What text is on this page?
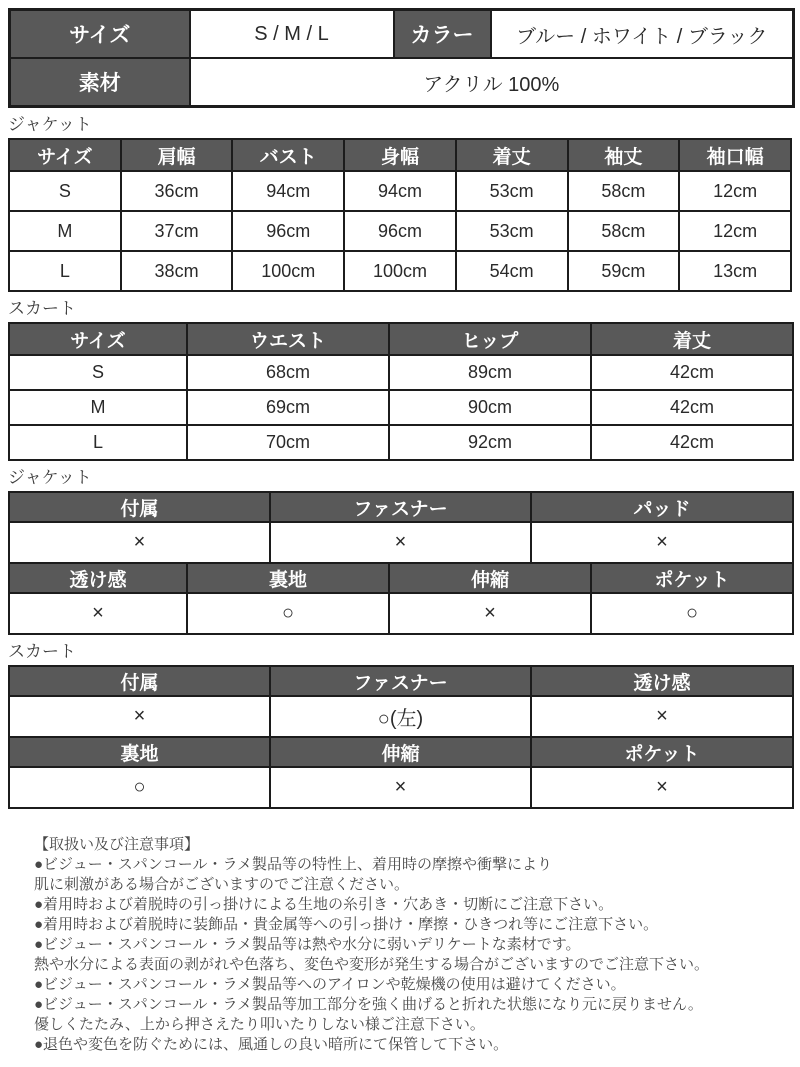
サイズ	S / M / L	カラー	ブルー / ホワイト / ブラック
素材	アクリル 100%		
ジャケット
サイズ	肩幅	バスト	身幅	着丈	袖丈	袖口幅
S	36cm	94cm	94cm	53cm	58cm	12cm
M	37cm	96cm	96cm	53cm	58cm	12cm
L	38cm	100cm	100cm	54cm	59cm	13cm
スカート
サイズ	ウエスト	ヒップ	着丈
S	68cm	89cm	42cm
M	69cm	90cm	42cm
L	70cm	92cm	42cm
ジャケット
付属	ファスナー	パッド
×	×	×
透け感	裏地	伸縮	ポケット
×	○	×	○
スカート
付属	ファスナー	透け感
×	○(左)	×
裏地	伸縮	ポケット
○	×	×
【取扱い及び注意事項】
●ビジュー・スパンコール・ラメ製品等の特性上、着用時の摩擦や衝撃により
肌に刺激がある場合がございますのでご注意ください。
●着用時および着脱時の引っ掛けによる生地の糸引き・穴あき・切断にご注意下さい。
●着用時および着脱時に装飾品・貴金属等への引っ掛け・摩擦・ひきつれ等にご注意下さい。
●ビジュー・スパンコール・ラメ製品等は熱や水分に弱いデリケートな素材です。
熱や水分による表面の剥がれや色落ち、変色や変形が発生する場合がございますのでご注意下さい。
●ビジュー・スパンコール・ラメ製品等へのアイロンや乾燥機の使用は避けてください。
●ビジュー・スパンコール・ラメ製品等加工部分を強く曲げると折れた状態になり元に戻りません。
優しくたたみ、上から押さえたり叩いたりしない様ご注意下さい。
●退色や変色を防ぐためには、風通しの良い暗所にて保管して下さい。
